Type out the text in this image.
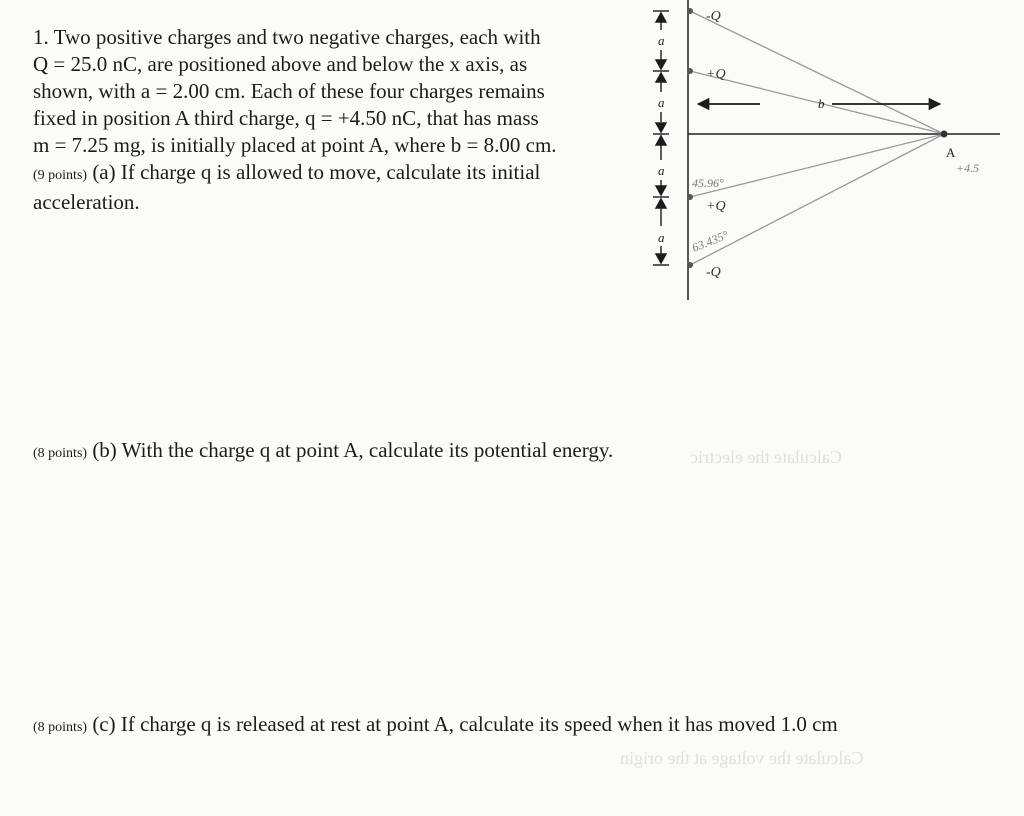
Calculate the electric
Calculate the voltage at the origin

1. Two positive charges and two negative charges, each with

Q = 25.0 nC, are positioned above and below the x axis, as

shown, with a = 2.00 cm. Each of these four charges remains

fixed in position A third charge, q = +4.50 nC, that has mass

m = 7.25 mg, is initially placed at point A, where b = 8.00 cm.

(9 points) (a) If charge q is allowed to move, calculate its initial

acceleration.

(8 points) (b) With the charge q at point A, calculate its potential energy.
(8 points) (c) If charge q is released at rest at point A, calculate its speed when it has moved 1.0 cm
-Q
+Q
+Q
-Q
a
a
a
a
b
A
45.96°
63.435°
+4.5
